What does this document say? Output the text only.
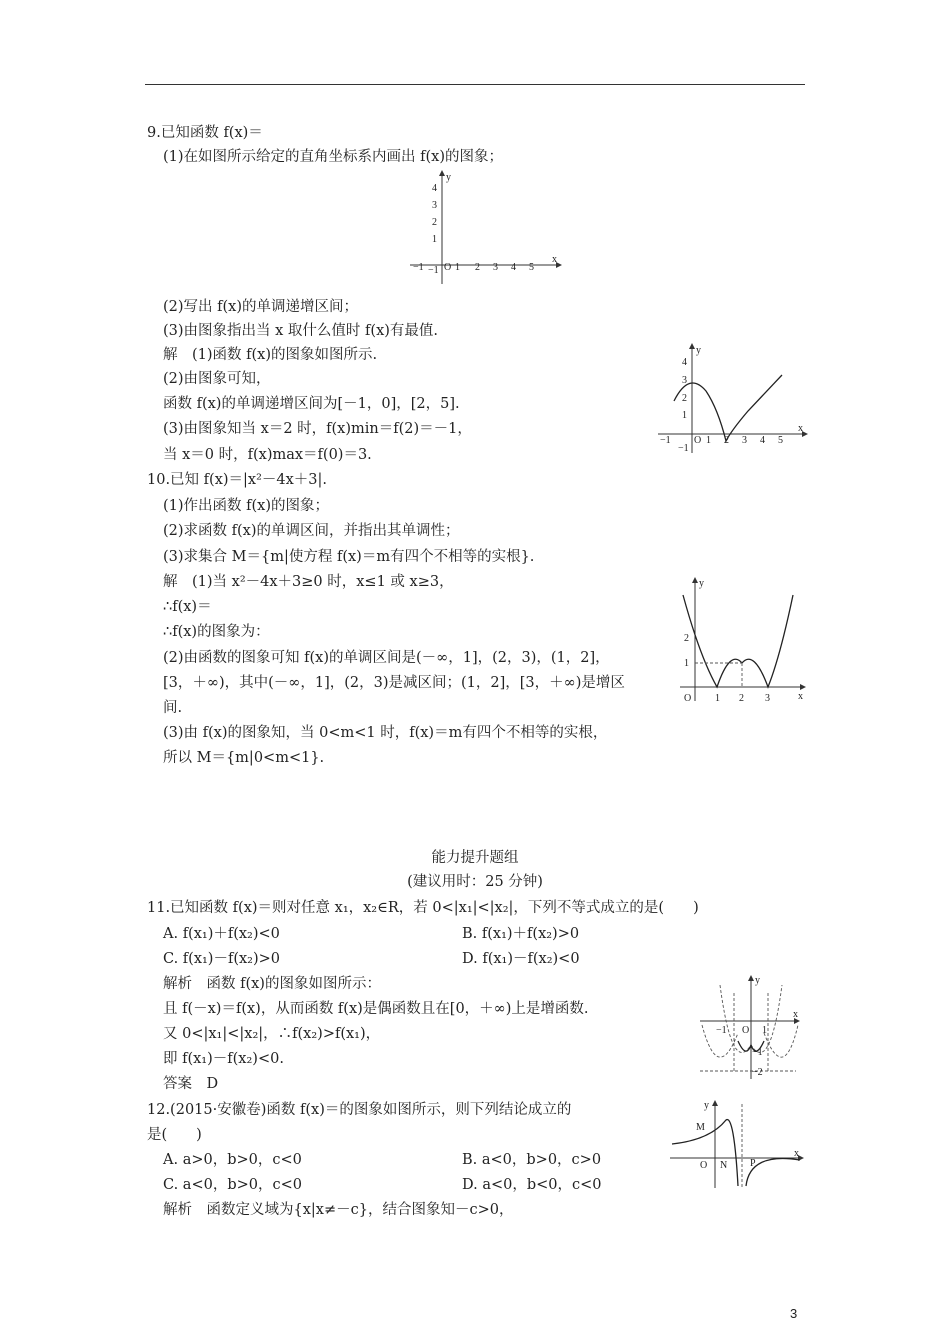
9.已知函数 f(x)＝
(1)在如图所示给定的直角坐标系内画出 f(x)的图象；
y
x
4
3
2
1
−1 −1 O 1 2 3 4 5
(2)写出 f(x)的单调递增区间；
(3)由图象指出当 x 取什么值时 f(x)有最值.
解　(1)函数 f(x)的图象如图所示.
(2)由图象可知，
函数 f(x)的单调递增区间为[－1，0]，[2，5].
(3)由图象知当 x＝2 时，f(x)min＝f(2)＝－1，
当 x＝0 时，f(x)max＝f(0)＝3.
y
x
4
3
2
1
−1
−1
O 1 2 3 4 5
10.已知 f(x)＝|x²－4x＋3|.
(1)作出函数 f(x)的图象；
(2)求函数 f(x)的单调区间，并指出其单调性；
(3)求集合 M＝{m|使方程 f(x)＝m有四个不相等的实根}.
解　(1)当 x²－4x＋3≥0 时，x≤1 或 x≥3，
∴f(x)＝
∴f(x)的图象为：
(2)由函数的图象可知 f(x)的单调区间是(－∞，1]，(2，3)，(1，2]，
[3，＋∞)，其中(－∞，1]，(2，3)是减区间；(1，2]，[3，＋∞)是增区
间.
(3)由 f(x)的图象知，当 0<m<1 时，f(x)＝m有四个不相等的实根，
所以 M＝{m|0<m<1}.
y
x
2
1
O 1 2 3
能力提升题组
(建议用时：25 分钟)
11.已知函数 f(x)＝则对任意 x₁，x₂∈R，若 0<|x₁|<|x₂|，下列不等式成立的是(　　)
A. f(x₁)＋f(x₂)<0	B. f(x₁)＋f(x₂)>0
C. f(x₁)－f(x₂)>0	D. f(x₁)－f(x₂)<0
解析　函数 f(x)的图象如图所示：
且 f(－x)＝f(x)，从而函数 f(x)是偶函数且在[0，＋∞)上是增函数.
又 0<|x₁|<|x₂|，∴f(x₂)>f(x₁)，
即 f(x₁)－f(x₂)<0.
答案　D
−1	1
O
−1
−2
y
x
12.(2015·安徽卷)函数 f(x)＝的图象如图所示，则下列结论成立的
是(　　)
A. a>0，b>0，c<0	B. a<0，b>0，c>0
C. a<0，b>0，c<0	D. a<0，b<0，c<0
解析　函数定义域为{x|x≠－c}，结合图象知－c>0，
M
O N P
y
x
3
